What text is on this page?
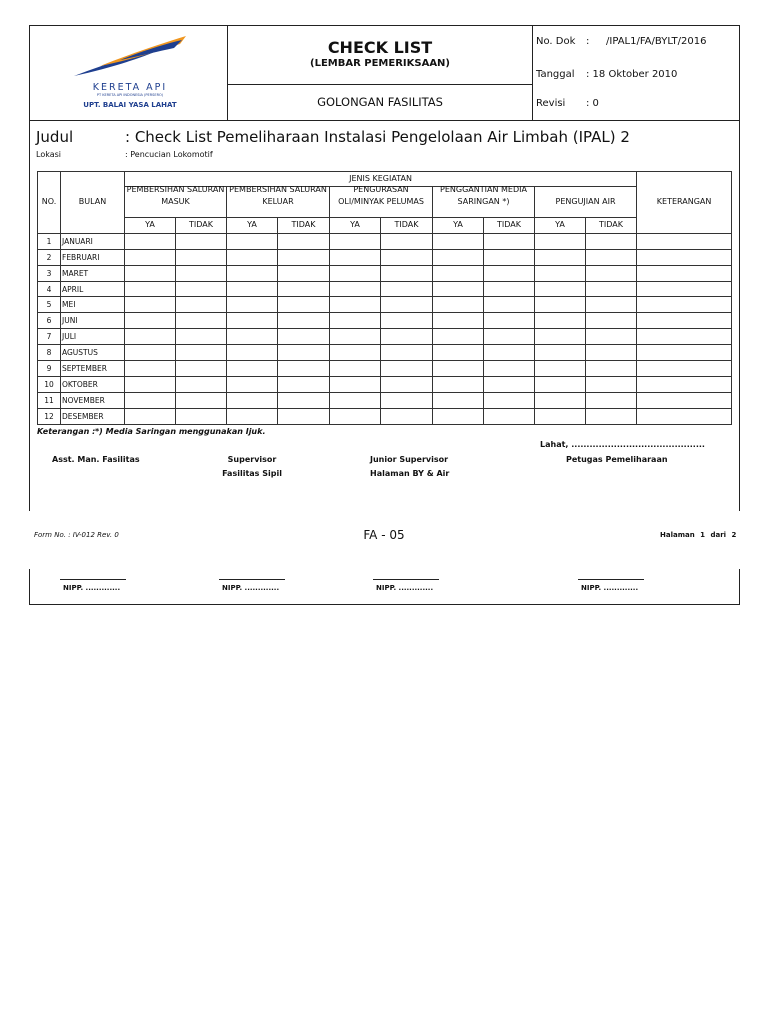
KERETA API
PT KERETA API INDONESIA (PERSERO)
UPT. BALAI YASA LAHAT
CHECK LIST
(LEMBAR PEMERIKSAAN)
GOLONGAN FASILITAS
No. Dok : /IPAL1/FA/BYLT/2016
Tanggal : 18 Oktober 2010
Revisi : 0
Judul	: Check List Pemeliharaan Instalasi Pengelolaan Air Limbah (IPAL) 2
Lokasi	: Pencucian Lokomotif
NO.	BULAN	JENIS KEGIATAN										KETERANGAN

		PEMBERSIHAN SALURAN MASUK		PEMBERSIHAN SALURAN KELUAR		PENGURASAN OLI/MINYAK PELUMAS		PENGGANTIAN MEDIA SARINGAN *)		PENGUJIAN AIR		

		YA	TIDAK	YA	TIDAK	YA	TIDAK	YA	TIDAK	YA	TIDAK	
1	JANUARI											
2	FEBRUARI											
3	MARET											
4	APRIL											
5	MEI											
6	JUNI											
7	JULI											
8	AGUSTUS											
9	SEPTEMBER											
10	OKTOBER											
11	NOVEMBER											
12	DESEMBER											
Keterangan : *) Media Saringan menggunakan Ijuk.
Lahat, ............................................
Asst. Man. Fasilitas	Supervisor
Fasilitas Sipil
Junior Supervisor
Halaman BY & Air
Petugas Pemeliharaan
Form No. : IV-012 Rev. 0	FA - 05	Halaman 1 dari 2
NIPP. .............	NIPP. .............	NIPP. .............	NIPP. .............
